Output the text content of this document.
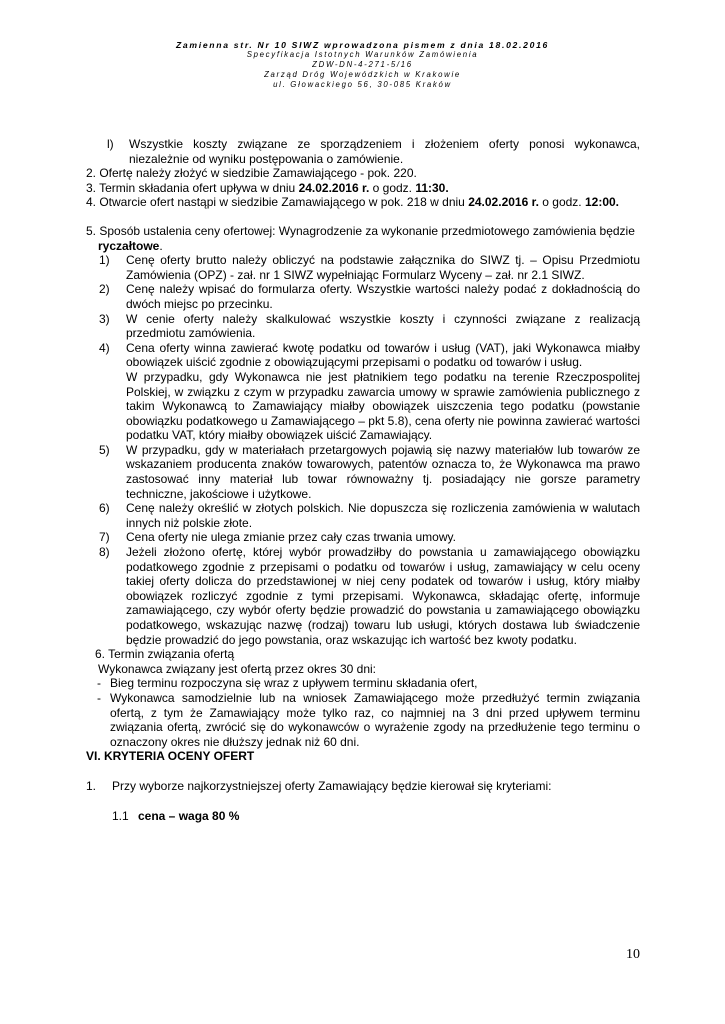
Zamienna str. Nr 10 SIWZ wprowadzona pismem z dnia 18.02.2016
Specyfikacja Istotnych Warunków Zamówienia
ZDW-DN-4-271-5/16
Zarząd Dróg Wojewódzkich w Krakowie
ul. Głowackiego 56, 30-085 Kraków
l)	Wszystkie koszty związane ze sporządzeniem i złożeniem oferty ponosi wykonawca, niezależnie od wyniku postępowania o zamówienie.

2. Ofertę należy złożyć w siedzibie Zamawiającego - pok. 220.

3. Termin składania ofert upływa w dniu 24.02.2016 r. o godz. 11:30.

4. Otwarcie ofert nastąpi w siedzibie Zamawiającego w pok. 218 w dniu 24.02.2016 r. o godz. 12:00.

5. Sposób ustalenia ceny ofertowej: Wynagrodzenie za wykonanie przedmiotowego zamówienia będzie

ryczałtowe.

1)	Cenę oferty brutto należy obliczyć na podstawie załącznika do SIWZ tj. – Opisu Przedmiotu Zamówienia (OPZ) - zał. nr 1 SIWZ wypełniając Formularz Wyceny – zał. nr 2.1 SIWZ.
2)	Cenę należy wpisać do formularza oferty. Wszystkie wartości należy podać z dokładnością do dwóch miejsc po przecinku.
3)	W cenie oferty należy skalkulować wszystkie koszty i czynności związane z realizacją przedmiotu zamówienia.
4)	Cena oferty winna zawierać kwotę podatku od towarów i usług (VAT), jaki Wykonawca miałby obowiązek uiścić zgodnie z obowiązującymi przepisami o podatku od towarów i usług.
W przypadku, gdy Wykonawca nie jest płatnikiem tego podatku na terenie Rzeczpospolitej Polskiej, w związku z czym w przypadku zawarcia umowy w sprawie zamówienia publicznego z takim Wykonawcą to Zamawiający miałby obowiązek uiszczenia tego podatku (powstanie obowiązku podatkowego u Zamawiającego – pkt 5.8), cena oferty nie powinna zawierać wartości podatku VAT, który miałby obowiązek uiścić Zamawiający.
5)	W przypadku, gdy w materiałach przetargowych pojawią się nazwy materiałów lub towarów ze wskazaniem producenta znaków towarowych, patentów oznacza to, że Wykonawca ma prawo zastosować inny materiał lub towar równoważny tj. posiadający nie gorsze parametry techniczne, jakościowe i użytkowe.
6)	Cenę należy określić w złotych polskich. Nie dopuszcza się rozliczenia zamówienia w walutach innych niż polskie złote.
7)	Cena oferty nie ulega zmianie przez cały czas trwania umowy.
8)	Jeżeli złożono ofertę, której wybór prowadziłby do powstania u zamawiającego obowiązku podatkowego zgodnie z przepisami o podatku od towarów i usług, zamawiający w celu oceny takiej oferty dolicza do przedstawionej w niej ceny podatek od towarów i usług, który miałby obowiązek rozliczyć zgodnie z tymi przepisami. Wykonawca, składając ofertę, informuje zamawiającego, czy wybór oferty będzie prowadzić do powstania u zamawiającego obowiązku podatkowego, wskazując nazwę (rodzaj) towaru lub usługi, których dostawa lub świadczenie będzie prowadzić do jego powstania, oraz wskazując ich wartość bez kwoty podatku.

6. Termin związania ofertą

Wykonawca związany jest ofertą przez okres 30 dni:

- Bieg terminu rozpoczyna się wraz z upływem terminu składania ofert,
- Wykonawca samodzielnie lub na wniosek Zamawiającego może przedłużyć termin związania ofertą, z tym że Zamawiający może tylko raz, co najmniej na 3 dni przed upływem terminu związania ofertą, zwrócić się do wykonawców o wyrażenie zgody na przedłużenie tego terminu o oznaczony okres nie dłuższy jednak niż 60 dni.

VI. KRYTERIA OCENY OFERT

1.	Przy wyborze najkorzystniejszej oferty Zamawiający będzie kierował się kryteriami:
1.1 cena – waga 80 %
10
